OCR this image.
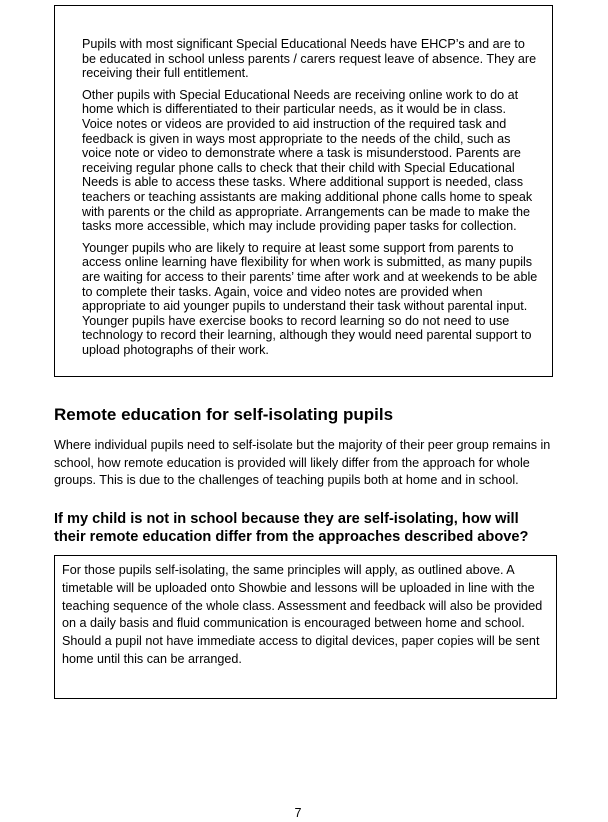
Pupils with most significant Special Educational Needs have EHCP’s and are to be educated in school unless parents / carers request leave of absence. They are receiving their full entitlement.

Other pupils with Special Educational Needs are receiving online work to do at home which is differentiated to their particular needs, as it would be in class. Voice notes or videos are provided to aid instruction of the required task and feedback is given in ways most appropriate to the needs of the child, such as voice note or video to demonstrate where a task is misunderstood. Parents are receiving regular phone calls to check that their child with Special Educational Needs is able to access these tasks. Where additional support is needed, class teachers or teaching assistants are making additional phone calls home to speak with parents or the child as appropriate. Arrangements can be made to make the tasks more accessible, which may include providing paper tasks for collection.

Younger pupils who are likely to require at least some support from parents to access online learning have flexibility for when work is submitted, as many pupils are waiting for access to their parents’ time after work and at weekends to be able to complete their tasks. Again, voice and video notes are provided when appropriate to aid younger pupils to understand their task without parental input. Younger pupils have exercise books to record learning so do not need to use technology to record their learning, although they would need parental support to upload photographs of their work.

Remote education for self-isolating pupils

Where individual pupils need to self-isolate but the majority of their peer group remains in school, how remote education is provided will likely differ from the approach for whole groups. This is due to the challenges of teaching pupils both at home and in school.

If my child is not in school because they are self-isolating, how will their remote education differ from the approaches described above?

For those pupils self-isolating, the same principles will apply, as outlined above. A timetable will be uploaded onto Showbie and lessons will be uploaded in line with the teaching sequence of the whole class. Assessment and feedback will also be provided on a daily basis and fluid communication is encouraged between home and school. Should a pupil not have immediate access to digital devices, paper copies will be sent home until this can be arranged.

7
